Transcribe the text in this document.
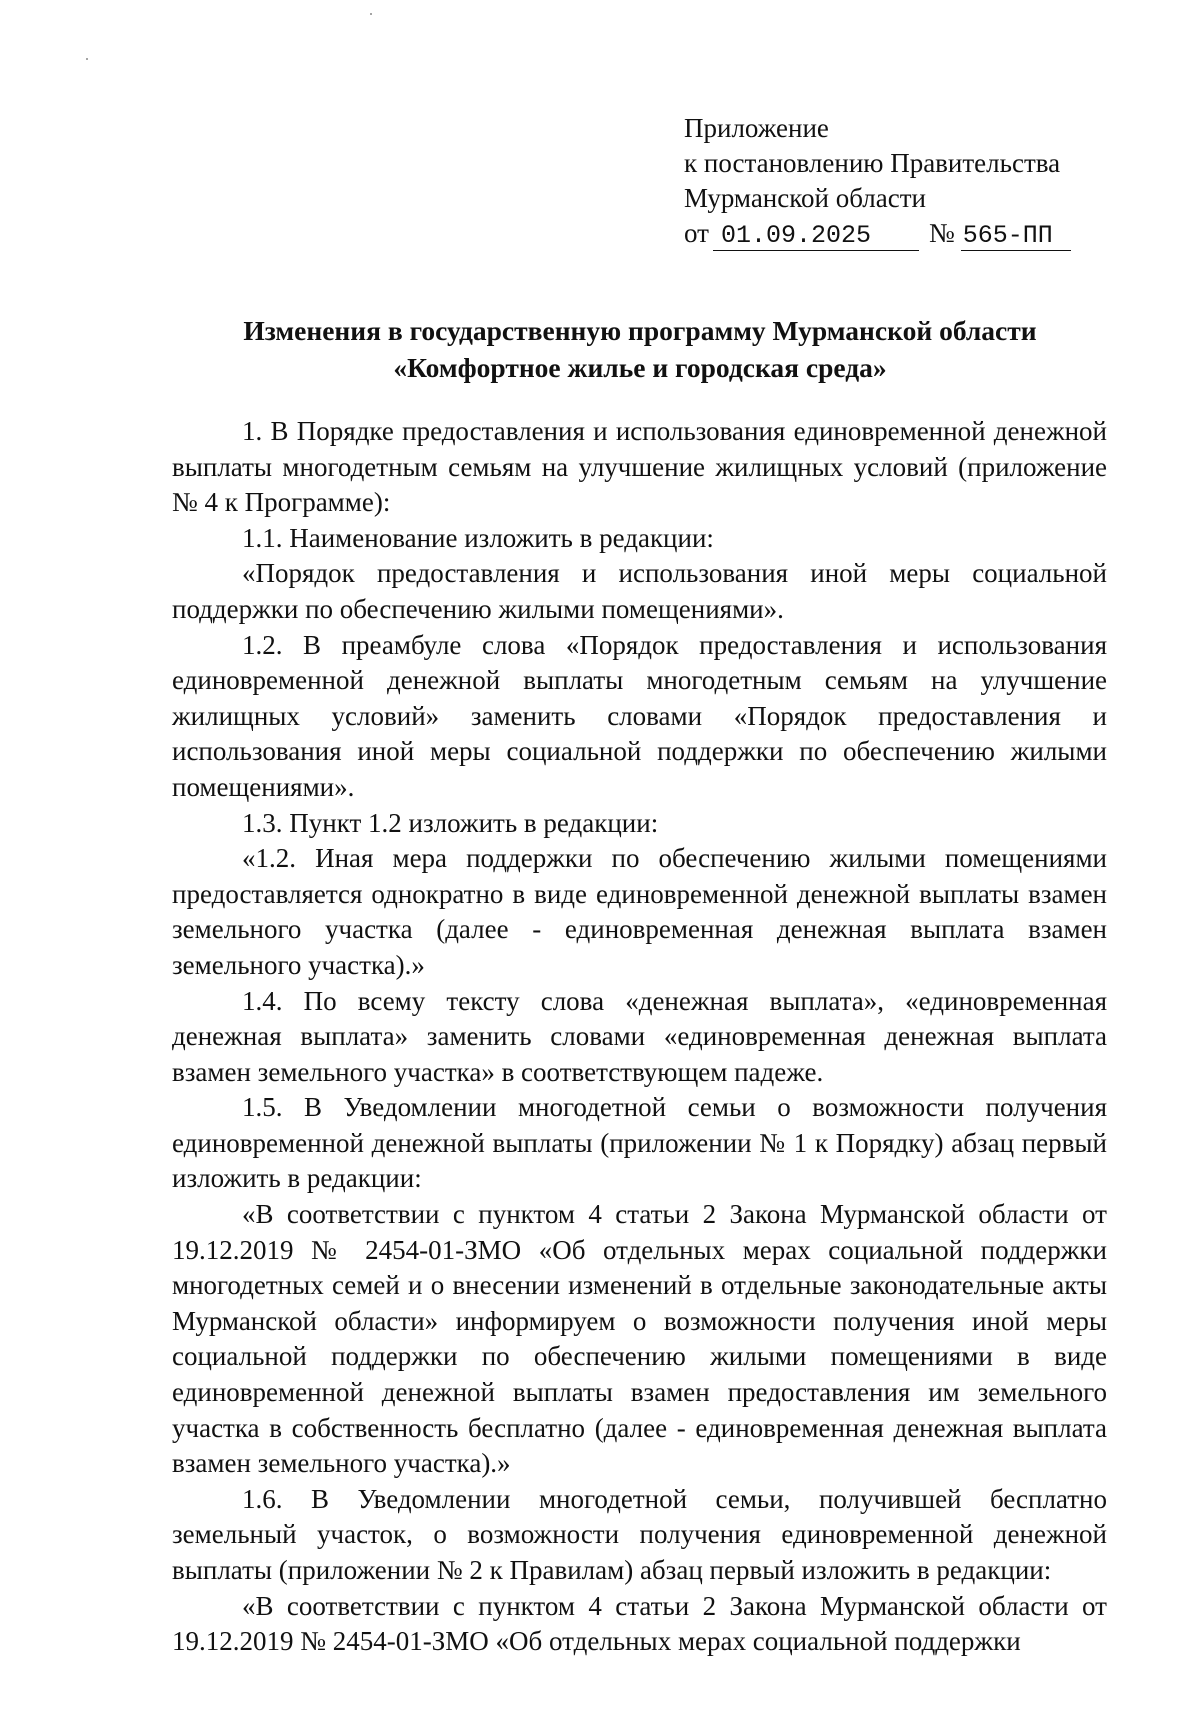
Приложение
к постановлению Правительства
Мурманской области
от 01.09.2025	№ 565-ПП
Изменения в государственную программу Мурманской области
«Комфортное жилье и городская среда»

1. В Порядке предоставления и использования единовременной денежной выплаты многодетным семьям на улучшение жилищных условий (приложение № 4 к Программе):

1.1. Наименование изложить в редакции:

«Порядок предоставления и использования иной меры социальной поддержки по обеспечению жилыми помещениями».

1.2. В преамбуле слова «Порядок предоставления и использования единовременной денежной выплаты многодетным семьям на улучшение жилищных условий» заменить словами «Порядок предоставления и использования иной меры социальной поддержки по обеспечению жилыми помещениями».

1.3. Пункт 1.2 изложить в редакции:

«1.2. Иная мера поддержки по обеспечению жилыми помещениями предоставляется однократно в виде единовременной денежной выплаты взамен земельного участка (далее - единовременная денежная выплата взамен земельного участка).»

1.4. По всему тексту слова «денежная выплата», «единовременная денежная выплата» заменить словами «единовременная денежная выплата взамен земельного участка» в соответствующем падеже.

1.5. В Уведомлении многодетной семьи о возможности получения единовременной денежной выплаты (приложении № 1 к Порядку) абзац первый изложить в редакции:

«В соответствии с пунктом 4 статьи 2 Закона Мурманской области от 19.12.2019 № 2454-01-ЗМО «Об отдельных мерах социальной поддержки многодетных семей и о внесении изменений в отдельные законодательные акты Мурманской области» информируем о возможности получения иной меры социальной поддержки по обеспечению жилыми помещениями в виде единовременной денежной выплаты взамен предоставления им земельного участка в собственность бесплатно (далее - единовременная денежная выплата взамен земельного участка).»

1.6. В Уведомлении многодетной семьи, получившей бесплатно земельный участок, о возможности получения единовременной денежной выплаты (приложении № 2 к Правилам) абзац первый изложить в редакции:

«В соответствии с пунктом 4 статьи 2 Закона Мурманской области от 19.12.2019 № 2454-01-ЗМО «Об отдельных мерах социальной поддержки
